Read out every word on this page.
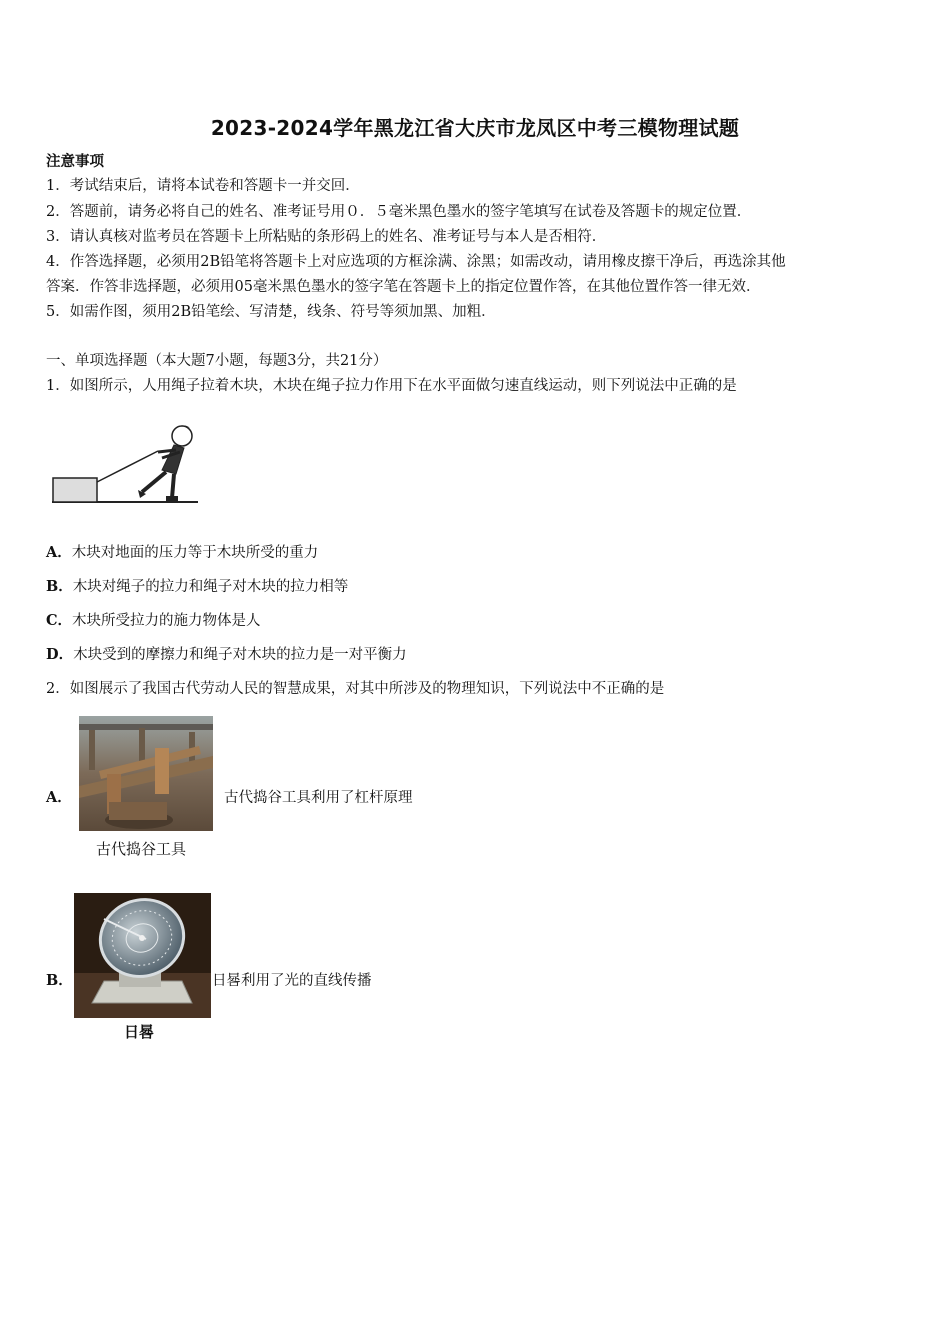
2023-2024学年黑龙江省大庆市龙凤区中考三模物理试题
注意事项
1．考试结束后，请将本试卷和答题卡一并交回．
2．答题前，请务必将自己的姓名、准考证号用０．５毫米黑色墨水的签字笔填写在试卷及答题卡的规定位置．
3．请认真核对监考员在答题卡上所粘贴的条形码上的姓名、准考证号与本人是否相符．
4．作答选择题，必须用2B铅笔将答题卡上对应选项的方框涂满、涂黑；如需改动，请用橡皮擦干净后，再选涂其他
答案．作答非选择题，必须用05毫米黑色墨水的签字笔在答题卡上的指定位置作答，在其他位置作答一律无效．
5．如需作图，须用2B铅笔绘、写清楚，线条、符号等须加黑、加粗．
一、单项选择题（本大题7小题，每题3分，共21分）
1．如图所示，人用绳子拉着木块，木块在绳子拉力作用下在水平面做匀速直线运动，则下列说法中正确的是
A．木块对地面的压力等于木块所受的重力
B．木块对绳子的拉力和绳子对木块的拉力相等
C．木块所受拉力的施力物体是人
D．木块受到的摩擦力和绳子对木块的拉力是一对平衡力
2．如图展示了我国古代劳动人民的智慧成果，对其中所涉及的物理知识，下列说法中不正确的是
A．
古代捣谷工具
古代捣谷工具利用了杠杆原理
B．
日晷
日晷利用了光的直线传播
